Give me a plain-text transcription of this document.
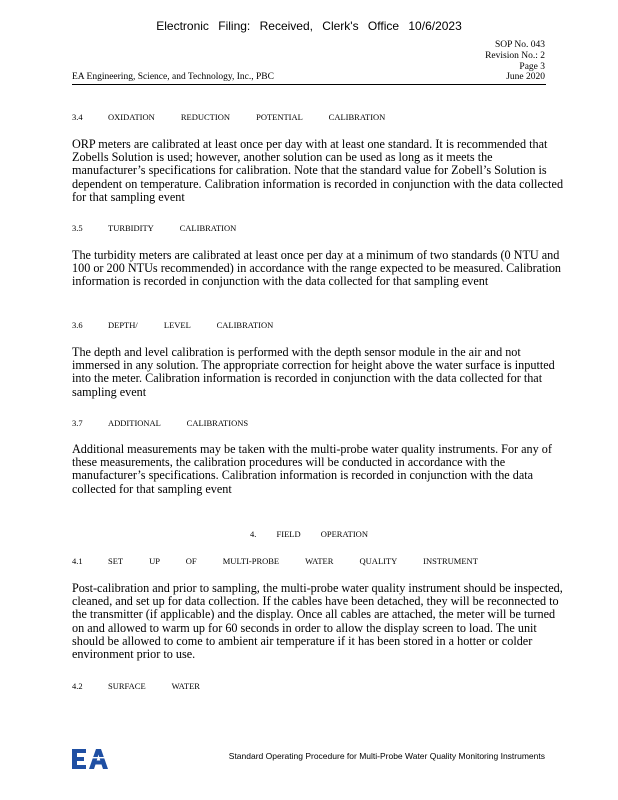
Electronic Filing: Received, Clerk's Office 10/6/2023
SOP No. 043
Revision No.: 2
Page 3
EA Engineering, Science, and Technology, Inc., PBC	June 2020
3.4	OXIDATION REDUCTION POTENTIAL CALIBRATION

ORP meters are calibrated at least once per day with at least one standard. It is recommended that Zobells Solution is used; however, another solution can be used as long as it meets the manufacturer’s specifications for calibration. Note that the standard value for Zobell’s Solution is dependent on temperature. Calibration information is recorded in conjunction with the data collected for that sampling event

3.5	TURBIDITY CALIBRATION

The turbidity meters are calibrated at least once per day at a minimum of two standards (0 NTU and 100 or 200 NTUs recommended) in accordance with the range expected to be measured. Calibration information is recorded in conjunction with the data collected for that sampling event

3.6	DEPTH/ LEVEL CALIBRATION

The depth and level calibration is performed with the depth sensor module in the air and not immersed in any solution. The appropriate correction for height above the water surface is inputted into the meter. Calibration information is recorded in conjunction with the data collected for that sampling event

3.7	ADDITIONAL CALIBRATIONS

Additional measurements may be taken with the multi-probe water quality instruments. For any of these measurements, the calibration procedures will be conducted in accordance with the manufacturer’s specifications. Calibration information is recorded in conjunction with the data collected for that sampling event

4. FIELD OPERATION
4.1	SET UP OF MULTI-PROBE WATER QUALITY INSTRUMENT

Post-calibration and prior to sampling, the multi-probe water quality instrument should be inspected, cleaned, and set up for data collection. If the cables have been detached, they will be reconnected to the transmitter (if applicable) and the display. Once all cables are attached, the meter will be turned on and allowed to warm up for 60 seconds in order to allow the display screen to load. The unit should be allowed to come to ambient air temperature if it has been stored in a hotter or colder environment prior to use.

4.2	SURFACE WATER
Standard Operating Procedure for Multi-Probe Water Quality Monitoring Instruments
